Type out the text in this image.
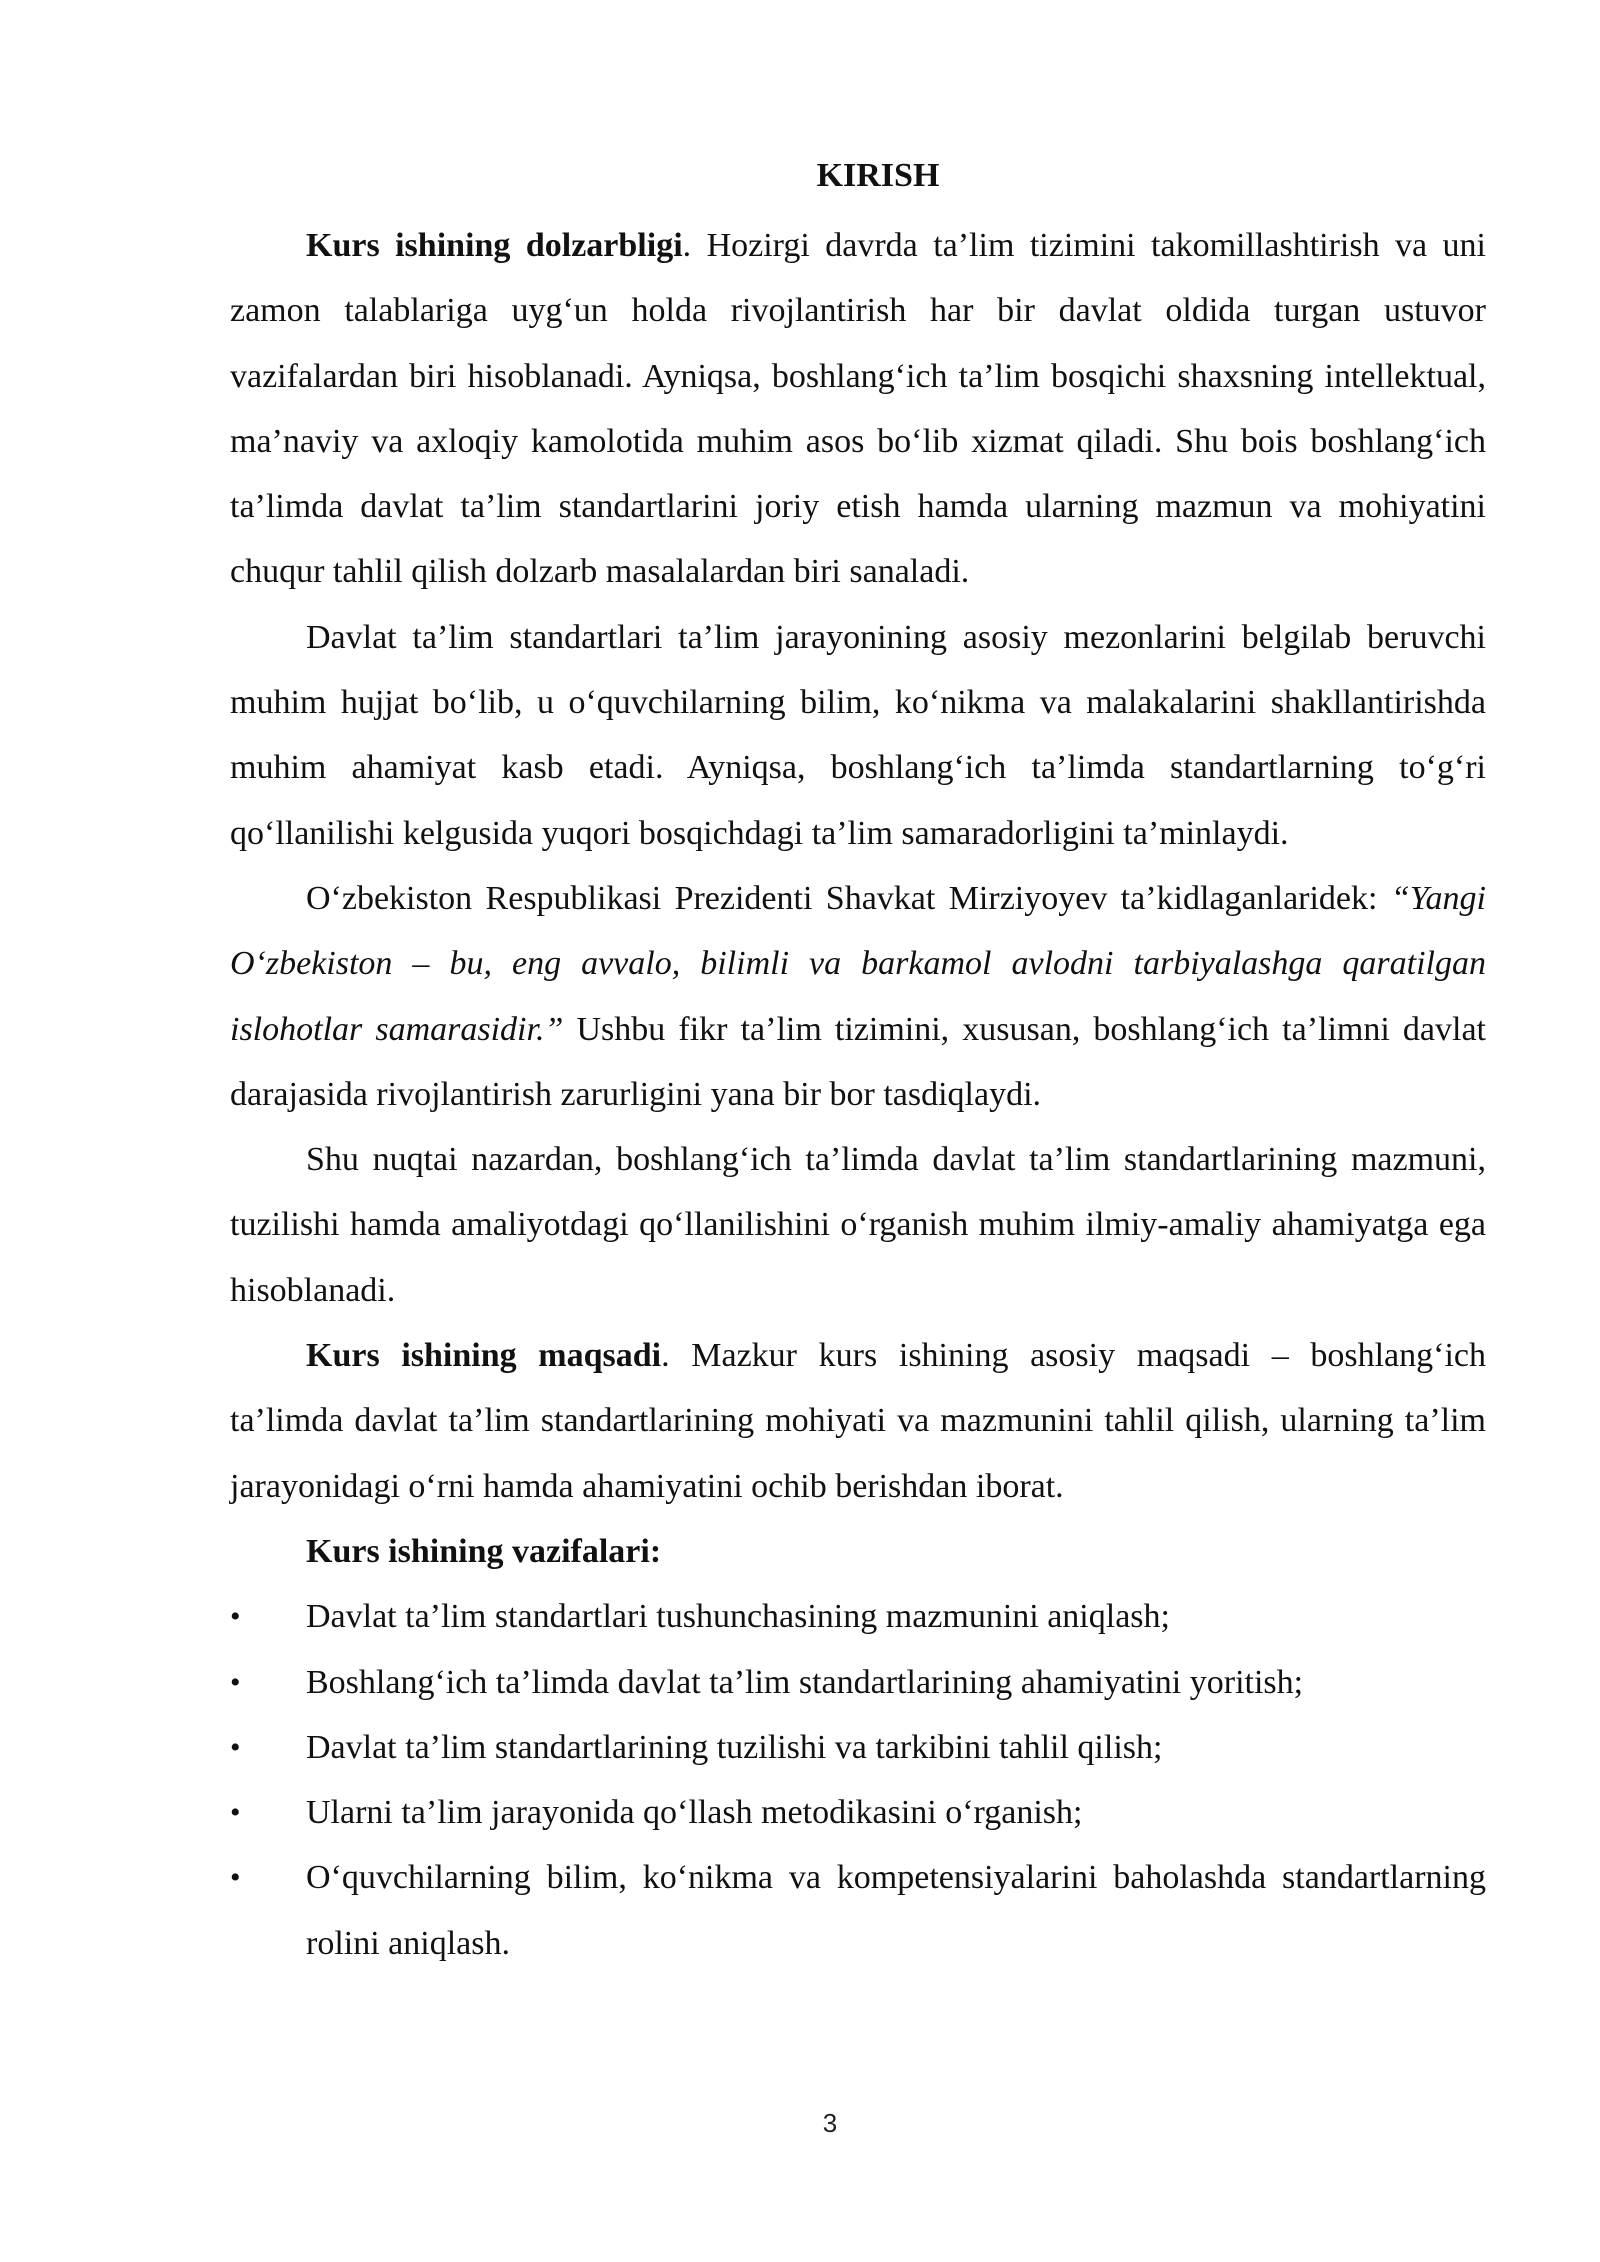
KIRISH

Kurs ishining dolzarbligi. Hozirgi davrda ta’lim tizimini takomillashtirish va uni zamon talablariga uyg‘un holda rivojlantirish har bir davlat oldida turgan ustuvor vazifalardan biri hisoblanadi. Ayniqsa, boshlang‘ich ta’lim bosqichi shaxsning intellektual, ma’naviy va axloqiy kamolotida muhim asos bo‘lib xizmat qiladi. Shu bois boshlang‘ich ta’limda davlat ta’lim standartlarini joriy etish hamda ularning mazmun va mohiyatini chuqur tahlil qilish dolzarb masalalardan biri sanaladi.

Davlat ta’lim standartlari ta’lim jarayonining asosiy mezonlarini belgilab beruvchi muhim hujjat bo‘lib, u o‘quvchilarning bilim, ko‘nikma va malakalarini shakllantirishda muhim ahamiyat kasb etadi. Ayniqsa, boshlang‘ich ta’limda standartlarning to‘g‘ri qo‘llanilishi kelgusida yuqori bosqichdagi ta’lim samaradorligini ta’minlaydi.

O‘zbekiston Respublikasi Prezidenti Shavkat Mirziyoyev ta’kidlaganlaridek: “Yangi O‘zbekiston – bu, eng avvalo, bilimli va barkamol avlodni tarbiyalashga qaratilgan islohotlar samarasidir.” Ushbu fikr ta’lim tizimini, xususan, boshlang‘ich ta’limni davlat darajasida rivojlantirish zarurligini yana bir bor tasdiqlaydi.

Shu nuqtai nazardan, boshlang‘ich ta’limda davlat ta’lim standartlarining mazmuni, tuzilishi hamda amaliyotdagi qo‘llanilishini o‘rganish muhim ilmiy-amaliy ahamiyatga ega hisoblanadi.

Kurs ishining maqsadi. Mazkur kurs ishining asosiy maqsadi – boshlang‘ich ta’limda davlat ta’lim standartlarining mohiyati va mazmunini tahlil qilish, ularning ta’lim jarayonidagi o‘rni hamda ahamiyatini ochib berishdan iborat.

Kurs ishining vazifalari:
• Davlat ta’lim standartlari tushunchasining mazmunini aniqlash;
• Boshlang‘ich ta’limda davlat ta’lim standartlarining ahamiyatini yoritish;
• Davlat ta’lim standartlarining tuzilishi va tarkibini tahlil qilish;
• Ularni ta’lim jarayonida qo‘llash metodikasini o‘rganish;
• O‘quvchilarning bilim, ko‘nikma va kompetensiyalarini baholashda standartlarning rolini aniqlash.
3
